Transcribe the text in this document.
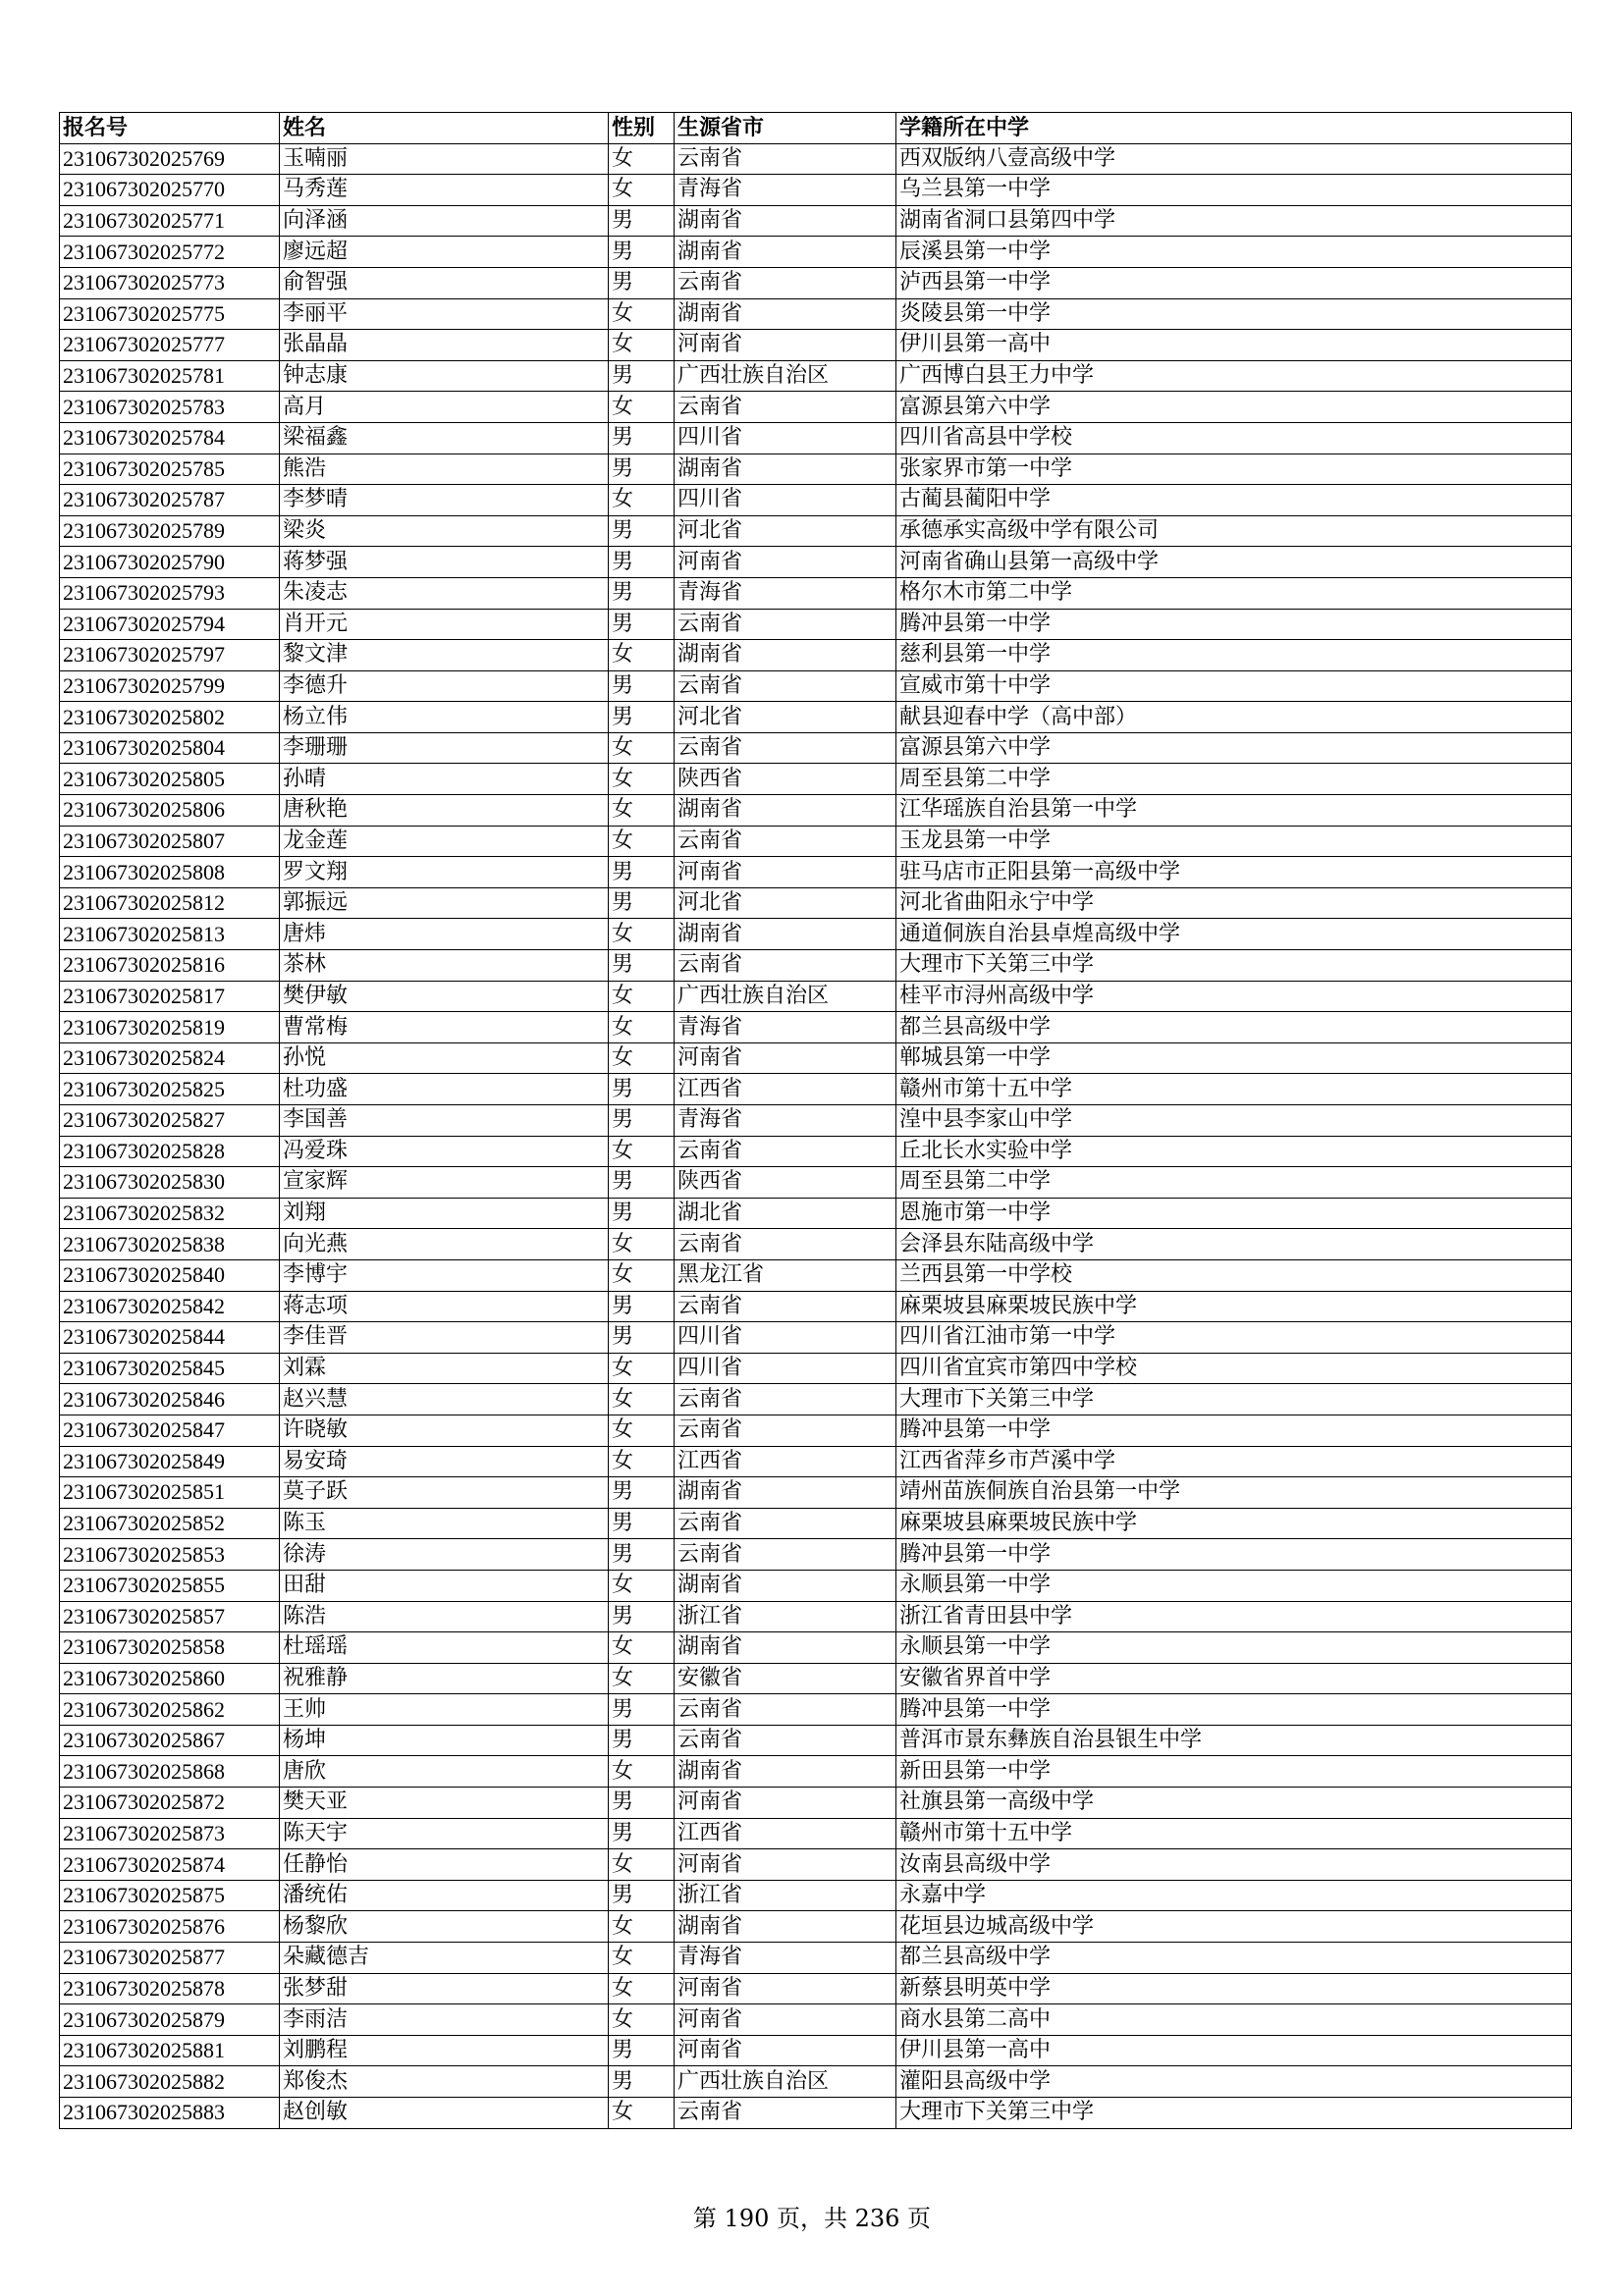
报名号	姓名	性别	生源省市	学籍所在中学
231067302025769	玉喃丽	女	云南省	西双版纳八壹高级中学
231067302025770	马秀莲	女	青海省	乌兰县第一中学
231067302025771	向泽涵	男	湖南省	湖南省洞口县第四中学
231067302025772	廖远超	男	湖南省	辰溪县第一中学
231067302025773	俞智强	男	云南省	泸西县第一中学
231067302025775	李丽平	女	湖南省	炎陵县第一中学
231067302025777	张晶晶	女	河南省	伊川县第一高中
231067302025781	钟志康	男	广西壮族自治区	广西博白县王力中学
231067302025783	高月	女	云南省	富源县第六中学
231067302025784	梁福鑫	男	四川省	四川省高县中学校
231067302025785	熊浩	男	湖南省	张家界市第一中学
231067302025787	李梦晴	女	四川省	古蔺县蔺阳中学
231067302025789	梁炎	男	河北省	承德承实高级中学有限公司
231067302025790	蒋梦强	男	河南省	河南省确山县第一高级中学
231067302025793	朱凌志	男	青海省	格尔木市第二中学
231067302025794	肖开元	男	云南省	腾冲县第一中学
231067302025797	黎文津	女	湖南省	慈利县第一中学
231067302025799	李德升	男	云南省	宣威市第十中学
231067302025802	杨立伟	男	河北省	献县迎春中学（高中部）
231067302025804	李珊珊	女	云南省	富源县第六中学
231067302025805	孙晴	女	陕西省	周至县第二中学
231067302025806	唐秋艳	女	湖南省	江华瑶族自治县第一中学
231067302025807	龙金莲	女	云南省	玉龙县第一中学
231067302025808	罗文翔	男	河南省	驻马店市正阳县第一高级中学
231067302025812	郭振远	男	河北省	河北省曲阳永宁中学
231067302025813	唐炜	女	湖南省	通道侗族自治县卓煌高级中学
231067302025816	茶林	男	云南省	大理市下关第三中学
231067302025817	樊伊敏	女	广西壮族自治区	桂平市浔州高级中学
231067302025819	曹常梅	女	青海省	都兰县高级中学
231067302025824	孙悦	女	河南省	郸城县第一中学
231067302025825	杜功盛	男	江西省	赣州市第十五中学
231067302025827	李国善	男	青海省	湟中县李家山中学
231067302025828	冯爱珠	女	云南省	丘北长水实验中学
231067302025830	宣家辉	男	陕西省	周至县第二中学
231067302025832	刘翔	男	湖北省	恩施市第一中学
231067302025838	向光燕	女	云南省	会泽县东陆高级中学
231067302025840	李博宇	女	黑龙江省	兰西县第一中学校
231067302025842	蒋志项	男	云南省	麻栗坡县麻栗坡民族中学
231067302025844	李佳晋	男	四川省	四川省江油市第一中学
231067302025845	刘霖	女	四川省	四川省宜宾市第四中学校
231067302025846	赵兴慧	女	云南省	大理市下关第三中学
231067302025847	许晓敏	女	云南省	腾冲县第一中学
231067302025849	易安琦	女	江西省	江西省萍乡市芦溪中学
231067302025851	莫子跃	男	湖南省	靖州苗族侗族自治县第一中学
231067302025852	陈玉	男	云南省	麻栗坡县麻栗坡民族中学
231067302025853	徐涛	男	云南省	腾冲县第一中学
231067302025855	田甜	女	湖南省	永顺县第一中学
231067302025857	陈浩	男	浙江省	浙江省青田县中学
231067302025858	杜瑶瑶	女	湖南省	永顺县第一中学
231067302025860	祝雅静	女	安徽省	安徽省界首中学
231067302025862	王帅	男	云南省	腾冲县第一中学
231067302025867	杨坤	男	云南省	普洱市景东彝族自治县银生中学
231067302025868	唐欣	女	湖南省	新田县第一中学
231067302025872	樊天亚	男	河南省	社旗县第一高级中学
231067302025873	陈天宇	男	江西省	赣州市第十五中学
231067302025874	任静怡	女	河南省	汝南县高级中学
231067302025875	潘统佑	男	浙江省	永嘉中学
231067302025876	杨黎欣	女	湖南省	花垣县边城高级中学
231067302025877	朵藏德吉	女	青海省	都兰县高级中学
231067302025878	张梦甜	女	河南省	新蔡县明英中学
231067302025879	李雨洁	女	河南省	商水县第二高中
231067302025881	刘鹏程	男	河南省	伊川县第一高中
231067302025882	郑俊杰	男	广西壮族自治区	灌阳县高级中学
231067302025883	赵创敏	女	云南省	大理市下关第三中学
第 190 页，共 236 页
